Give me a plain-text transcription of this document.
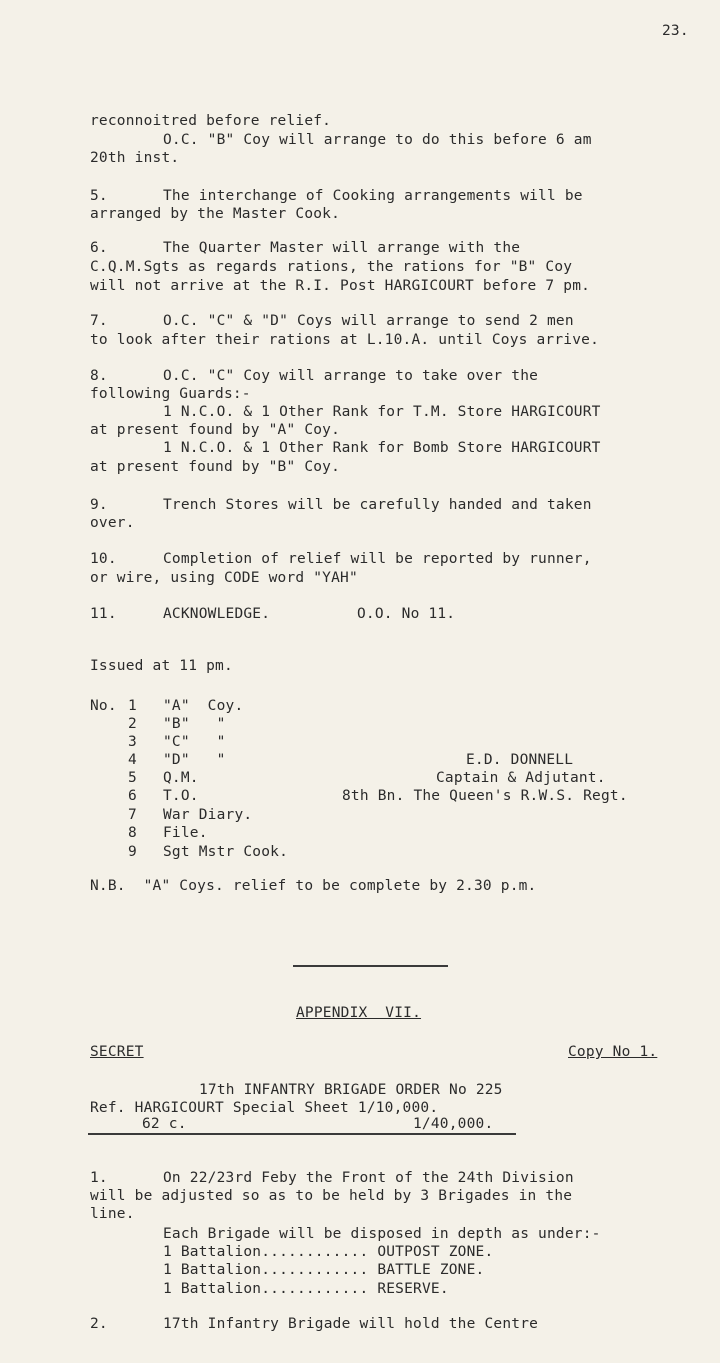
23.
reconnoitred before relief.
O.C. "B" Coy will arrange to do this before 6 am
20th inst.
5.	The interchange of Cooking arrangements will be
arranged by the Master Cook.
6.	The Quarter Master will arrange with the
C.Q.M.Sgts as regards rations, the rations for "B" Coy
will not arrive at the R.I. Post HARGICOURT before 7 pm.
7.	O.C. "C" & "D" Coys will arrange to send 2 men
to look after their rations at L.10.A. until Coys arrive.
8.	O.C. "C" Coy will arrange to take over the
following Guards:-
1 N.C.O. & 1 Other Rank for T.M. Store HARGICOURT
at present found by "A" Coy.
1 N.C.O. & 1 Other Rank for Bomb Store HARGICOURT
at present found by "B" Coy.
9.	Trench Stores will be carefully handed and taken
over.
10.	Completion of relief will be reported by runner,
or wire, using CODE word "YAH"
11.	ACKNOWLEDGE.	O.O. No 11.
Issued at 11 pm.
No. 1 "A"  Coy.
2 "B"   "
3 "C"   "
4 "D"   "
5 Q.M.
6 T.O.
7 War Diary.
8 File.
9 Sgt Mstr Cook.
E.D. DONNELL
Captain & Adjutant.
8th Bn. The Queen's R.W.S. Regt.
N.B.  "A" Coys. relief to be complete by 2.30 p.m.
APPENDIX  VII.
SECRET	Copy No 1.
17th INFANTRY BRIGADE ORDER No 225
Ref. HARGICOURT Special Sheet 1/10,000.
62 c.	1/40,000.
1.	On 22/23rd Feby the Front of the 24th Division
will be adjusted so as to be held by 3 Brigades in the
line.
Each Brigade will be disposed in depth as under:-
1 Battalion............ OUTPOST ZONE.
1 Battalion............ BATTLE ZONE.
1 Battalion............ RESERVE.
2.	17th Infantry Brigade will hold the Centre
